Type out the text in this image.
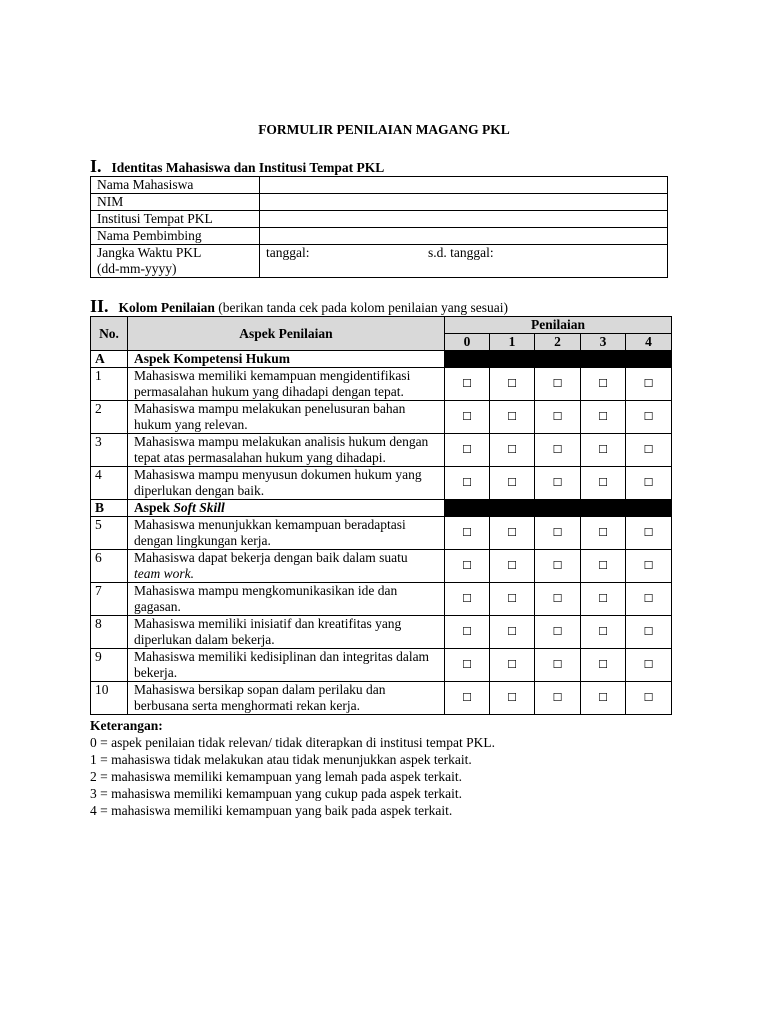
FORMULIR PENILAIAN MAGANG PKL
I. Identitas Mahasiswa dan Institusi Tempat PKL
Nama Mahasiswa	
NIM	
Institusi Tempat PKL	
Nama Pembimbing	

Jangka Waktu PKL
(dd-mm-yyyy)	tanggal: s.d. tanggal:
II. Kolom Penilaian (berikan tanda cek pada kolom penilaian yang sesuai)
No.	Aspek Penilaian	Penilaian				
		0	1	2	3	4
A	Aspek Kompetensi Hukum					
1	Mahasiswa memiliki kemampuan mengidentifikasi
permasalahan hukum yang dihadapi dengan tepat.	☐	☐	☐	☐	☐
2	Mahasiswa mampu melakukan penelusuran bahan
hukum yang relevan.	☐	☐	☐	☐	☐
3	Mahasiswa mampu melakukan analisis hukum dengan
tepat atas permasalahan hukum yang dihadapi.	☐	☐	☐	☐	☐
4	Mahasiswa mampu menyusun dokumen hukum yang
diperlukan dengan baik.	☐	☐	☐	☐	☐
B	Aspek Soft Skill					
5	Mahasiswa menunjukkan kemampuan beradaptasi
dengan lingkungan kerja.	☐	☐	☐	☐	☐
6	Mahasiswa dapat bekerja dengan baik dalam suatu
team work.	☐	☐	☐	☐	☐
7	Mahasiswa mampu mengkomunikasikan ide dan
gagasan.	☐	☐	☐	☐	☐
8	Mahasiswa memiliki inisiatif dan kreatifitas yang
diperlukan dalam bekerja.	☐	☐	☐	☐	☐
9	Mahasiswa memiliki kedisiplinan dan integritas dalam
bekerja.	☐	☐	☐	☐	☐
10	Mahasiswa bersikap sopan dalam perilaku dan
berbusana serta menghormati rekan kerja.	☐	☐	☐	☐	☐
Keterangan:
0 = aspek penilaian tidak relevan/ tidak diterapkan di institusi tempat PKL.
1 = mahasiswa tidak melakukan atau tidak menunjukkan aspek terkait.
2 = mahasiswa memiliki kemampuan yang lemah pada aspek terkait.
3 = mahasiswa memiliki kemampuan yang cukup pada aspek terkait.
4 = mahasiswa memiliki kemampuan yang baik pada aspek terkait.
